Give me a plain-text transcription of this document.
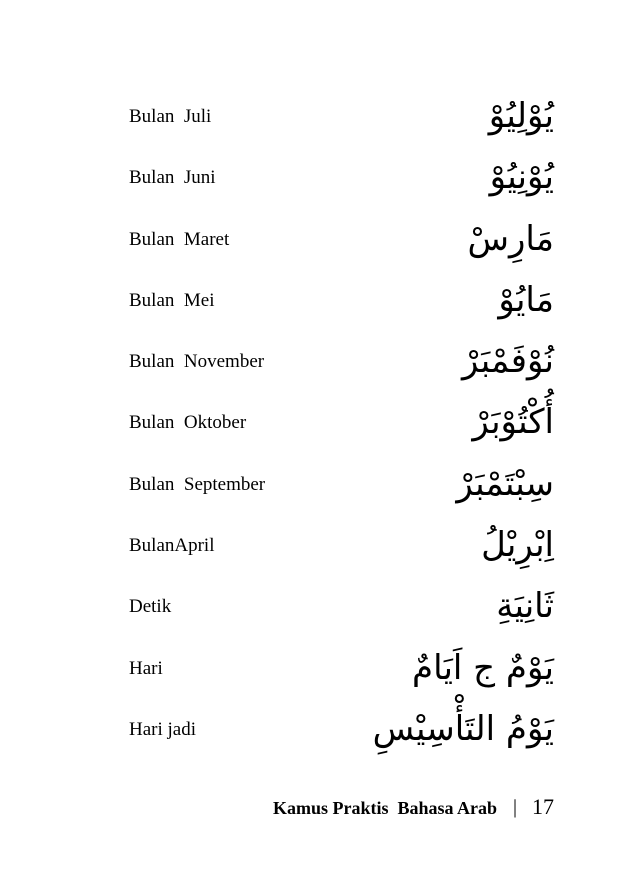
Bulan  Juli	يُوْلِيُوْ
Bulan  Juni	يُوْنِيُوْ
Bulan  Maret	مَارِسْ
Bulan  Mei	مَايُوْ
Bulan  November	نُوْفَمْبَرْ
Bulan  Oktober	أُكْتُوْبَرْ
Bulan  September	سِبْتَمْبَرْ
BulanApril	اِبْرِيْلُ
Detik	ثَانِيَةِ
Hari	يَوْمٌ ج اَيَامٌ
Hari jadi	يَوْمُ التَأْسِيْسِ
Kamus Praktis  Bahasa Arab | 17
